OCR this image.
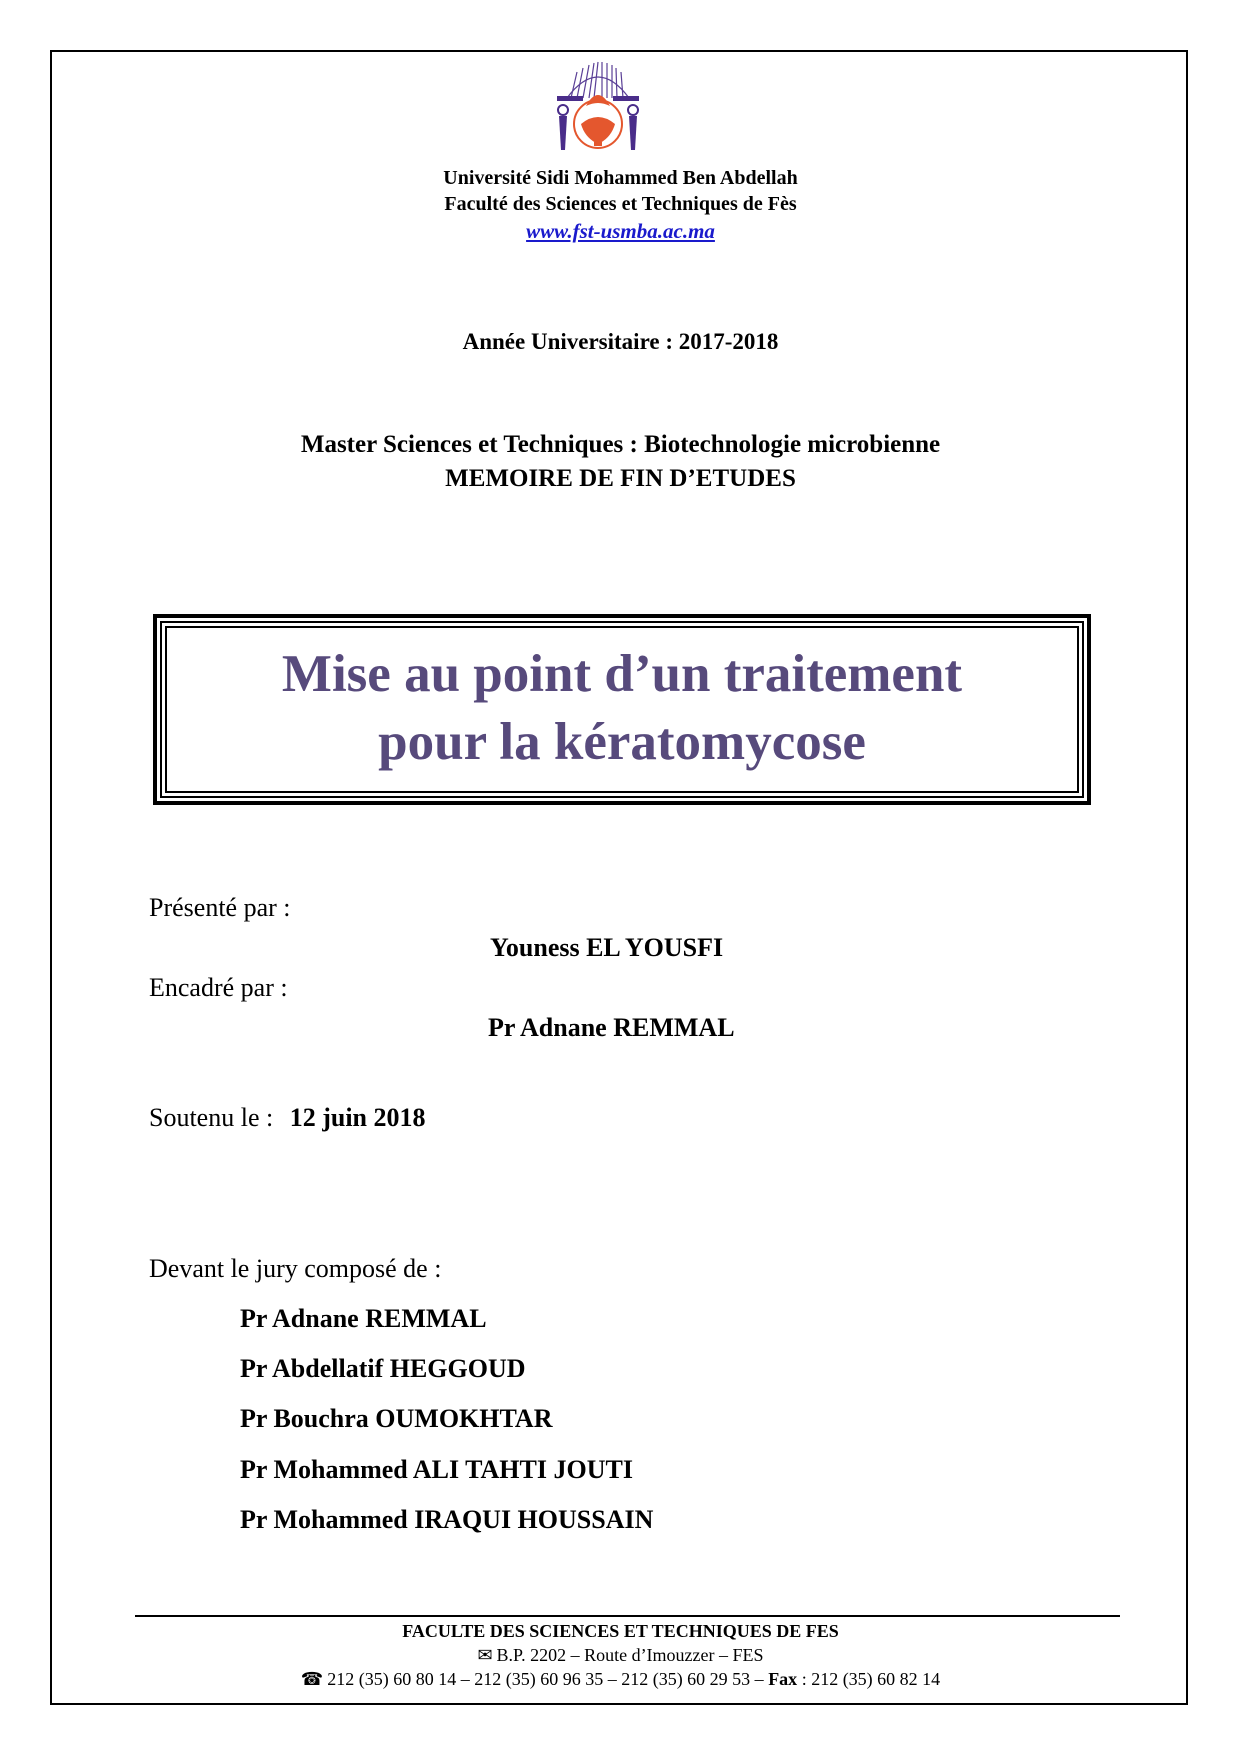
Université Sidi Mohammed Ben Abdellah
Faculté des Sciences et Techniques de Fès
www.fst-usmba.ac.ma
Année Universitaire : 2017-2018
Master Sciences et Techniques : Biotechnologie microbienne
MEMOIRE DE FIN D’ETUDES
Mise au point d’un traitement
pour la kératomycose
Présenté par :
Youness EL YOUSFI
Encadré par :
Pr Adnane REMMAL
Soutenu le : 12 juin 2018
Devant le jury composé de :
Pr Adnane REMMAL
Pr Abdellatif HEGGOUD
Pr Bouchra OUMOKHTAR
Pr Mohammed ALI TAHTI JOUTI
Pr Mohammed IRAQUI HOUSSAIN
FACULTE DES SCIENCES ET TECHNIQUES DE FES
✉ B.P. 2202 – Route d’Imouzzer – FES
☎ 212 (35) 60 80 14 – 212 (35) 60 96 35 – 212 (35) 60 29 53 – Fax : 212 (35) 60 82 14
